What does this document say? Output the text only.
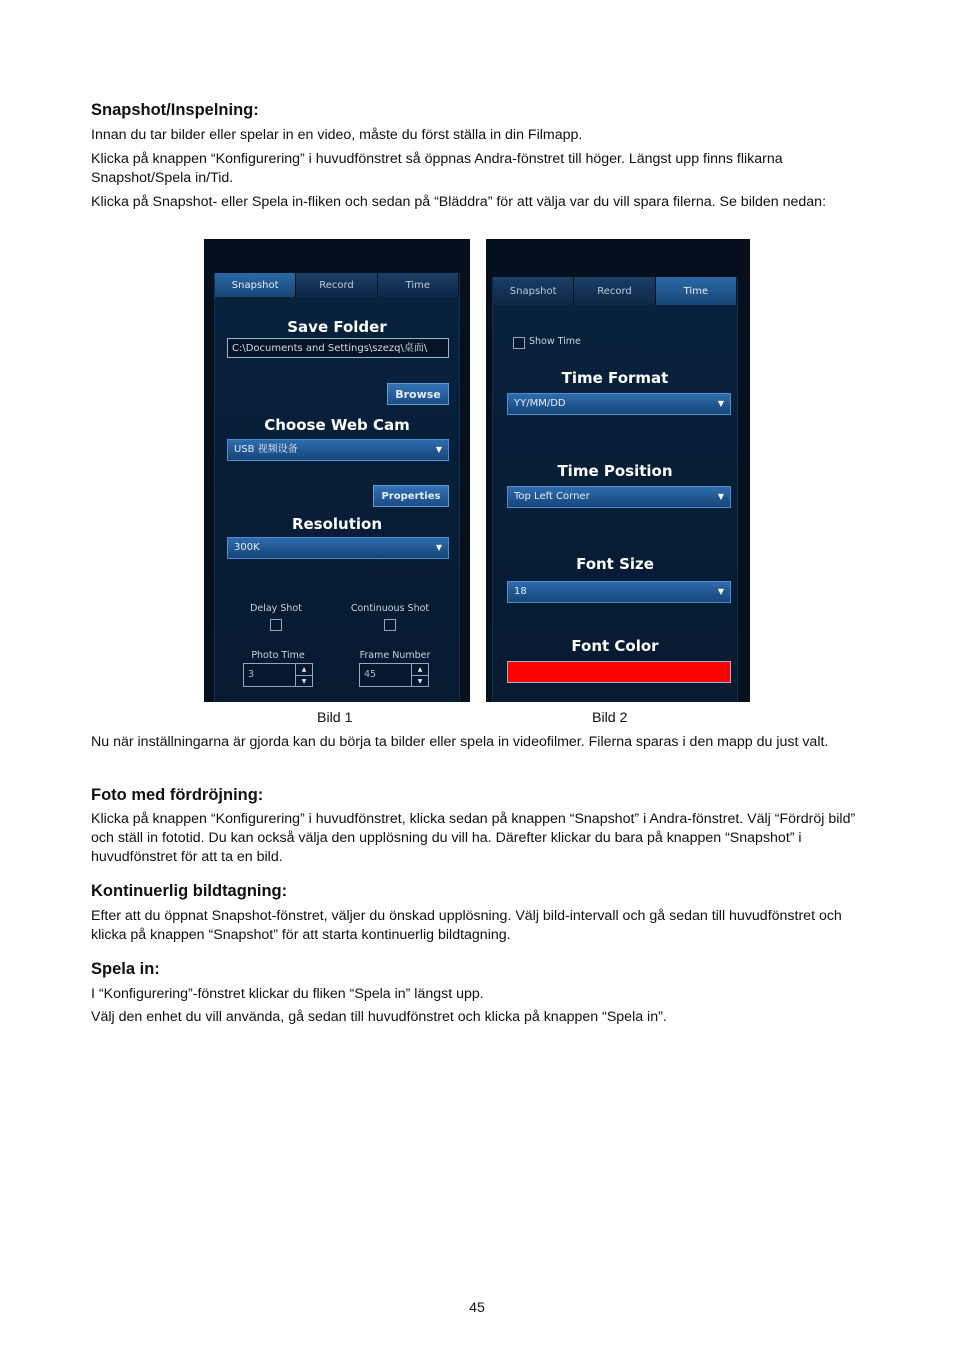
Snapshot/Inspelning:
Innan du tar bilder eller spelar in en video, måste du först ställa in din Filmapp.
Klicka på knappen “Konfigurering” i huvudfönstret så öppnas Andra-fönstret till höger. Längst upp finns flikarna Snapshot/Spela in/Tid.
Klicka på Snapshot- eller Spela in-fliken och sedan på “Bläddra” för att välja var du vill spara filerna. Se bilden nedan:
Snapshot	Record	Time
Save Folder
C:\Documents and Settings\szezq\桌面\
Browse
Choose Web Cam
USB 视频设备	▼
Properties
Resolution
300K	▼
Delay Shot	Continuous Shot
Photo Time
3	▲
▼
Frame Number
45	▲
▼
Snapshot	Record	Time
Show Time
Time Format
YY/MM/DD	▼
Time Position
Top Left Corner	▼
Font Size
18	▼
Font Color
Bild 1	Bild 2
Nu när inställningarna är gjorda kan du börja ta bilder eller spela in videofilmer. Filerna sparas i den mapp du just valt.
Foto med fördröjning:
Klicka på knappen “Konfigurering” i huvudfönstret, klicka sedan på knappen “Snapshot” i Andra-fönstret. Välj “Fördröj bild” och ställ in fototid. Du kan också välja den upplösning du vill ha. Därefter klickar du bara på knappen “Snapshot” i huvudfönstret för att ta en bild.
Kontinuerlig bildtagning:
Efter att du öppnat Snapshot-fönstret, väljer du önskad upplösning. Välj bild-intervall och gå sedan till huvudfönstret och klicka på knappen “Snapshot” för att starta kontinuerlig bildtagning.
Spela in:
I “Konfigurering”-fönstret klickar du fliken “Spela in” längst upp.
Välj den enhet du vill använda, gå sedan till huvudfönstret och klicka på knappen “Spela in”.
45
